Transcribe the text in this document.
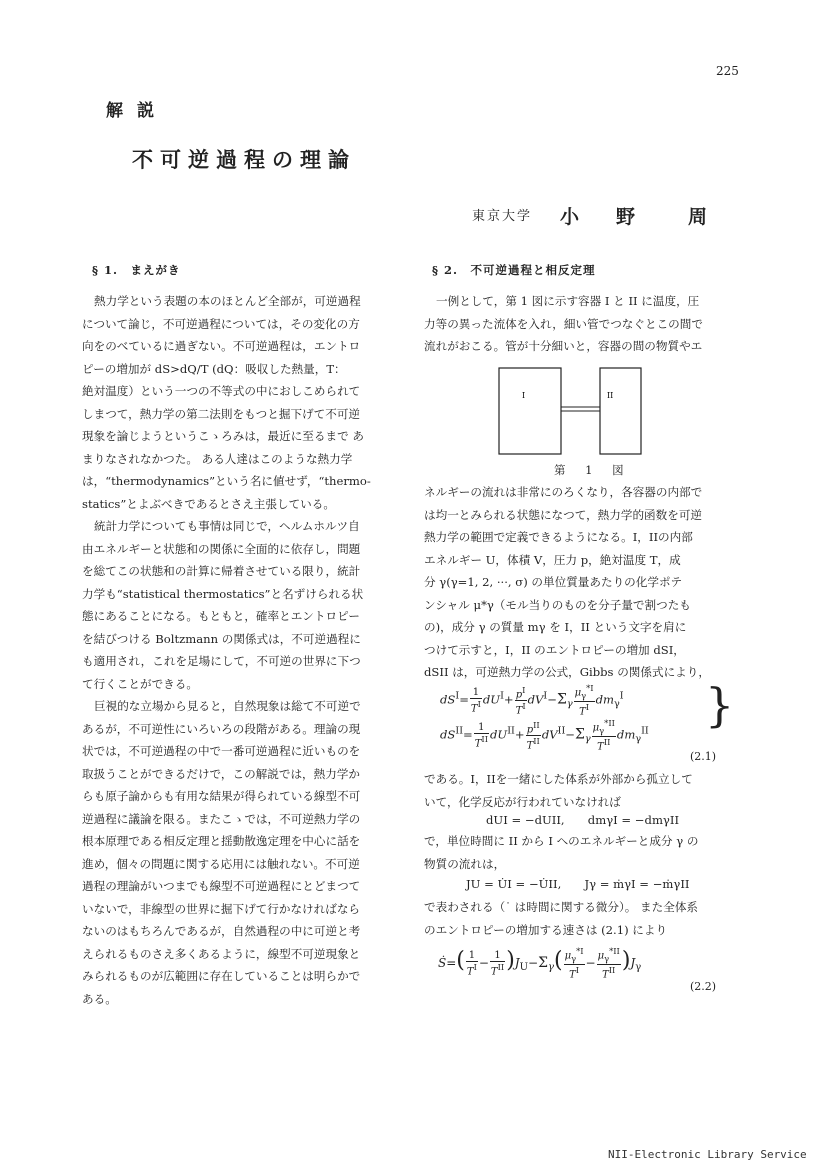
225
解説
不可逆過程の理論
東京大学 小 野	周
§ 1.　まえがき
熱力学という表題の本のほとんど全部が，可逆過程
について論じ，不可逆過程については，その変化の方
向をのべているに過ぎない。不可逆過程は，エントロ
ピーの増加が dS>dQ/T (dQ：吸収した熱量，T：
絶対温度）という一つの不等式の中におしこめられて
しまつて，熱力学の第二法則をもつと掘下げて不可逆
現象を論じようというこゝろみは，最近に至るまで あ
まりなされなかつた。 ある人達はこのような熱力学
は，“thermodynamics”という名に値せず，“thermo-
statics”とよぶべきであるとさえ主張している。
統計力学についても事情は同じで，ヘルムホルツ自
由エネルギーと状態和の関係に全面的に依存し，問題
を総てこの状態和の計算に帰着させている限り，統計
力学も“statistical thermostatics”と名ずけられる状
態にあることになる。もともと，確率とエントロピー
を結びつける Boltzmann の関係式は，不可逆過程に
も適用され，これを足場にして，不可逆の世界に下つ
て行くことができる。
巨視的な立場から見ると，自然現象は総て不可逆で
あるが，不可逆性にいろいろの段階がある。理論の現
状では，不可逆過程の中で一番可逆過程に近いものを
取扱うことができるだけで，この解説では，熱力学か
らも原子論からも有用な結果が得られている線型不可
逆過程に議論を限る。またこゝでは，不可逆熱力学の
根本原理である相反定理と揺動散逸定理を中心に話を
進め，個々の問題に関する応用には触れない。不可逆
過程の理論がいつまでも線型不可逆過程にとどまつて
いないで，非線型の世界に掘下げて行かなければなら
ないのはもちろんであるが，自然過程の中に可逆と考
えられるものさえ多くあるように，線型不可逆現象と
みられるものが広範囲に存在していることは明らかで
ある。
§ 2.　不可逆過程と相反定理
一例として，第 1 図に示す容器 I と II に温度，圧
力等の異った流体を入れ，細い管でつなぐとこの間で
流れがおこる。管が十分細いと，容器の間の物質やエ
I	II
第 1 図
ネルギーの流れは非常にのろくなり，各容器の内部で
は均一とみられる状態になつて，熱力学的函数を可逆
熱力学の範囲で定義できるようになる。I，IIの内部
エネルギー U，体積 V，圧力 p，絶対温度 T，成
分 γ(γ=1, 2, ···, σ) の単位質量あたりの化学ポテ
ンシャル μ*γ（モル当りのものを分子量で割つたも
の)，成分 γ の質量 mγ を I，II という文字を肩に
つけて示すと，I，II のエントロピーの増加 dSI，
dSII は，可逆熱力学の公式，Gibbs の関係式により，
$dS^I= \frac{1}{T^I} dU^I+ \frac{p^I}{T^I} dV^I-\Sigma_\gamma \frac{\mu_\gamma^{*I}}{T^I} dm_\gamma^I$
$dS^{II}= \frac{1}{T^{II}} dU^{II}+ \frac{p^{II}}{T^{II}} dV^{II}-\Sigma_\gamma \frac{\mu_\gamma^{*II}}{T^{II}} dm_\gamma^{II}$ }
(2.1)
である。I，IIを一緒にした体系が外部から孤立して
いて，化学反応が行われていなければ
dUI = −dUII,　　dmγI = −dmγII
で，単位時間に II から I へのエネルギーと成分 γ の
物質の流れは，
JU = U̇I = −U̇II,　　Jγ = ṁγI = −ṁγII
で表わされる（˙ は時間に関する微分）。 また全体系
のエントロピーの増加する速さは (2.1) により
Ṡ=( $\frac{1}{T^I} - \frac{1}{T^{II}} )J_U-\Sigma_\gamma( \frac{\mu_\gamma^{*I}}{T^I} - \frac{\mu_\gamma^{*II}}{T^{II}} )J_\gamma$
(2.2)
NII-Electronic Library Service
